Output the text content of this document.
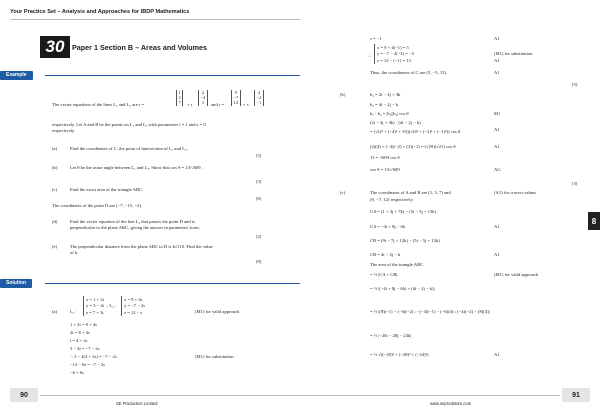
Your Practice Set – Analysis and Approaches for IBDP Mathematics
30	Paper 1 Section B – Areas and Volumes
Example
The vector equations of the lines L₁ and L₂ are r =
1
3
7 + t
2
−4
3 and r =
9
−7
12 + s
4
−2
−1
respectively. Let A and B be the points on L₁ and L₂ with parameters t = 1 and s = 0
respectively.
(a)	Find the coordinates of C, the point of intersection of L₁ and L₂.
[5]
(b)	Let θ be the acute angle between L₁ and L₂. Show that cos θ = 13/√609 .
[3]
(c)	Find the exact area of the triangle ABC.
[6]
The coordinates of the point D are (−7, −15, −2).
(d)	Find the vector equation of the line L₃ that passes the point D and is
perpendicular to the plane ABC, giving the answer in parametric form.
[2]
(e)	The perpendicular distance from the plane ABC to D is k√110. Find the value
of k.
[8]
Solution
(a)	L₁ :
x = 1 + 2t
y = 3 − 4t
z = 7 + 3t
; L₂ :
x = 9 + 4s
y = −7 − 2s
z = 12 − s	(M1) for valid approach
1 + 2t = 9 + 4s
2t = 8 + 4s
t = 4 + 2s
3 − 4t = −7 − 2s
∴ 3 − 4(4 + 2s) = −7 − 2s	(M1) for substitution
−13 − 8s = −7 − 2s
−6 = 6s
90
SE Production Limited
s = −1	A1
∴
x = 9 + 4(−1) = 5
y = −7 − 2(−1) = −5
z = 12 − (−1) = 13
(M1) for substitution
A1
Thus, the coordinates of C are (5, −5, 13).	A1
[5]
(b)	b₁ = 2i − 4j + 3k
b₂ = 4i − 2j − k
b₁ · b₂ = |b₁||b₂| cos θ	M1
(2i − 4j + 3k) · (4i − 2j − k)
= (√(2² + (−4)² + 3²))(√(4² + (−2)² + (−1)²)) cos θ	A1
(2)(4) + (−4)(−2) + (3)(−1) = (√29)(√21) cos θ	A1
13 = √609 cos θ
cos θ = 13/√609	AG
[3]
(c)	The coordinates of A and B are (1, 3, 7) and	(A1) for correct values
(9, −7, 12) respectively.
CA = (1 + 3j + 7k) − (5i − 5j + 13k)
CA = −4i + 8j − 6k	A1
CB = (9i − 7j + 12k) − (5i − 5j + 13k)
CB = 4i − 2j − k	A1
The area of the triangle ABC
= ½ |CA × CB|	(M1) for valid approach
= ½ |(−4i + 8j − 6k) × (4i − 2j − k)|
= ½ |(8)(−1) − (−6)(−2) ; −(−4)(−1) − (−6)(4) ; (−4)(−2) − (8)(4)|
= ½ |−20i − 28j − 24k|
= ½ √((−20)² + (−28)² + (−24)²)	A1
8
www.seprodstore.com
91
